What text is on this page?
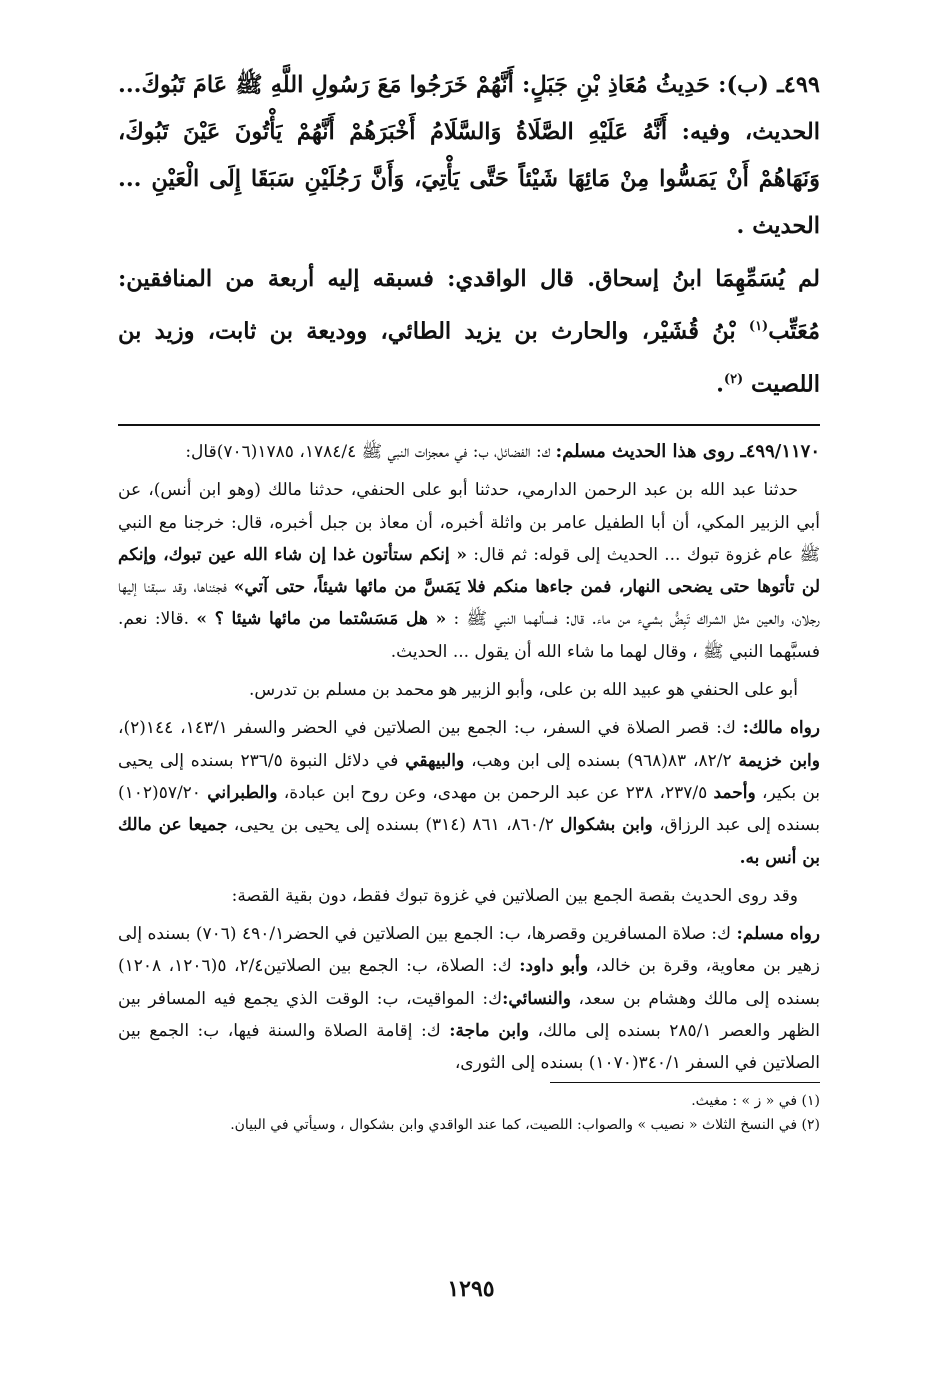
٤٩٩ـ (ب): حَدِيثُ مُعَاذِ بْنِ جَبَلٍ: أَنَّهُمْ خَرَجُوا مَعَ رَسُولِ اللَّهِ ﷺ عَامَ تَبُوكَ... الحديث، وفيه: أَنَّهُ عَلَيْهِ الصَّلَاةُ وَالسَّلَامُ أَخْبَرَهُمْ أَنَّهُمْ يَأْتُونَ عَيْنَ تَبُوكَ، وَنَهَاهُمْ أَنْ يَمَسُّوا مِنْ مَائِهَا شَيْئاً حَتَّى يَأْتِيَ، وَأَنَّ رَجُلَيْنِ سَبَقَا إِلَى الْعَيْنِ ... الحديث .
لم يُسَمِّهِمَا ابنُ إسحاق. قال الواقدي: فسبقه إليه أربعة من المنافقين: مُعَتِّب$^{(١)}$ بْنُ قُشَيْر، والحارث بن يزيد الطائي، ووديعة بن ثابت، وزيد بن اللصيت $^{(٢)}$.

٤٩٩/١١٧٠ـ روى هذا الحديث مسلم: ك: الفضائل، ب: في معجزات النبي ﷺ ١٧٨٤/٤، ١٧٨٥(٧٠٦)قال:

حدثنا عبد الله بن عبد الرحمن الدارمي، حدثنا أبو على الحنفي، حدثنا مالك (وهو ابن أنس)، عن أبي الزبير المكي، أن أبا الطفيل عامر بن واثلة أخبره، أن معاذ بن جبل أخبره، قال: خرجنا مع النبي ﷺ عام غزوة تبوك ... الحديث إلى قوله: ثم قال: « إنكم ستأتون غدا إن شاء الله عين تبوك، وإنكم لن تأتوها حتى يضحى النهار، فمن جاءها منكم فلا يَمَسَّ من مائها شيئاً، حتى آتي» فجئناها، وقد سبقنا إليها رجلان، والعين مثل الشراك تَبِضُّ بشيء من ماء. قال: فسألهما النبي ﷺ : « هل مَسَسْتما من مائها شيئا ؟ » .قالا: نعم. فسبَّهما النبي ﷺ ، وقال لهما ما شاء الله أن يقول ... الحديث.

أبو على الحنفي هو عبيد الله بن على، وأبو الزبير هو محمد بن مسلم بن تدرس.

رواه مالك: ك: قصر الصلاة في السفر، ب: الجمع بين الصلاتين في الحضر والسفر ١٤٣/١، ١٤٤(٢)، وابن خزيمة ٨٢/٢، ٨٣(٩٦٨) بسنده إلى ابن وهب، والبيهقي في دلائل النبوة ٢٣٦/٥ بسنده إلى يحيى بن بكير، وأحمد ٢٣٧/٥، ٢٣٨ عن عبد الرحمن بن مهدى، وعن روح ابن عبادة، والطبراني ٥٧/٢٠(١٠٢) بسنده إلى عبد الرزاق، وابن بشكوال ٨٦٠/٢، ٨٦١ (٣١٤) بسنده إلى يحيى بن يحيى، جميعا عن مالك بن أنس به.

وقد روى الحديث بقصة الجمع بين الصلاتين في غزوة تبوك فقط، دون بقية القصة:

رواه مسلم: ك: صلاة المسافرين وقصرها، ب: الجمع بين الصلاتين في الحضر٤٩٠/١ (٧٠٦) بسنده إلى زهير بن معاوية، وقرة بن خالد، وأبو داود: ك: الصلاة، ب: الجمع بين الصلاتين٢/٤، ٥(١٢٠٦، ١٢٠٨) بسنده إلى مالك وهشام بن سعد، والنسائي:ك: المواقيت، ب: الوقت الذي يجمع فيه المسافر بين الظهر والعصر ٢٨٥/١ بسنده إلى مالك، وابن ماجة: ك: إقامة الصلاة والسنة فيها، ب: الجمع بين الصلاتين في السفر ٣٤٠/١(١٠٧٠) بسنده إلى الثورى،

(١) في « ز » : مغيث.

(٢) في النسخ الثلاث « نصيب » والصواب: اللصيت، كما عند الواقدي وابن بشكوال ، وسيأتي في البيان.

١٢٩٥
